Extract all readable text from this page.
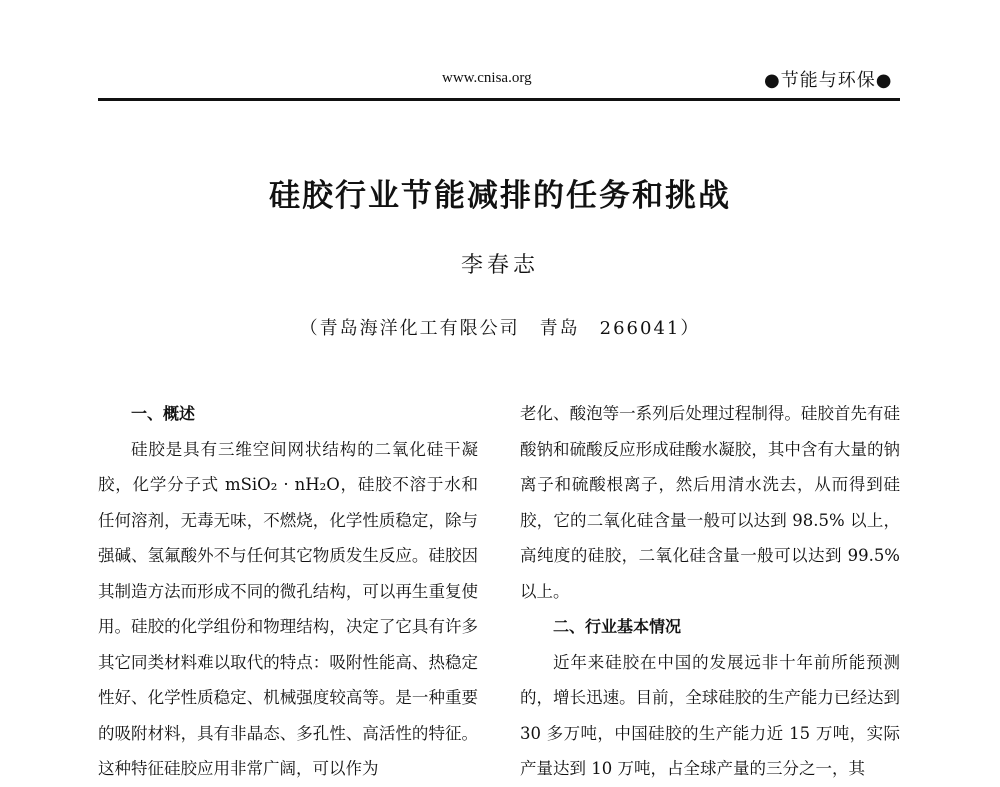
www.cnisa.org	●节能与环保●
硅胶行业节能减排的任务和挑战
李春志
（青岛海洋化工有限公司　青岛　266041）

一、概述

硅胶是具有三维空间网状结构的二氧化硅干凝胶，化学分子式 mSiO₂ · nH₂O，硅胶不溶于水和任何溶剂，无毒无味，不燃烧，化学性质稳定，除与强碱、氢氟酸外不与任何其它物质发生反应。硅胶因其制造方法而形成不同的微孔结构，可以再生重复使用。硅胶的化学组份和物理结构，决定了它具有许多其它同类材料难以取代的特点：吸附性能高、热稳定性好、化学性质稳定、机械强度较高等。是一种重要的吸附材料，具有非晶态、多孔性、高活性的特征。这种特征硅胶应用非常广阔，可以作为

老化、酸泡等一系列后处理过程制得。硅胶首先有硅酸钠和硫酸反应形成硅酸水凝胶，其中含有大量的钠离子和硫酸根离子，然后用清水洗去，从而得到硅胶，它的二氧化硅含量一般可以达到 98.5% 以上，高纯度的硅胶，二氧化硅含量一般可以达到 99.5% 以上。

二、行业基本情况

近年来硅胶在中国的发展远非十年前所能预测的，增长迅速。目前，全球硅胶的生产能力已经达到 30 多万吨，中国硅胶的生产能力近 15 万吨，实际产量达到 10 万吨，占全球产量的三分之一，其
